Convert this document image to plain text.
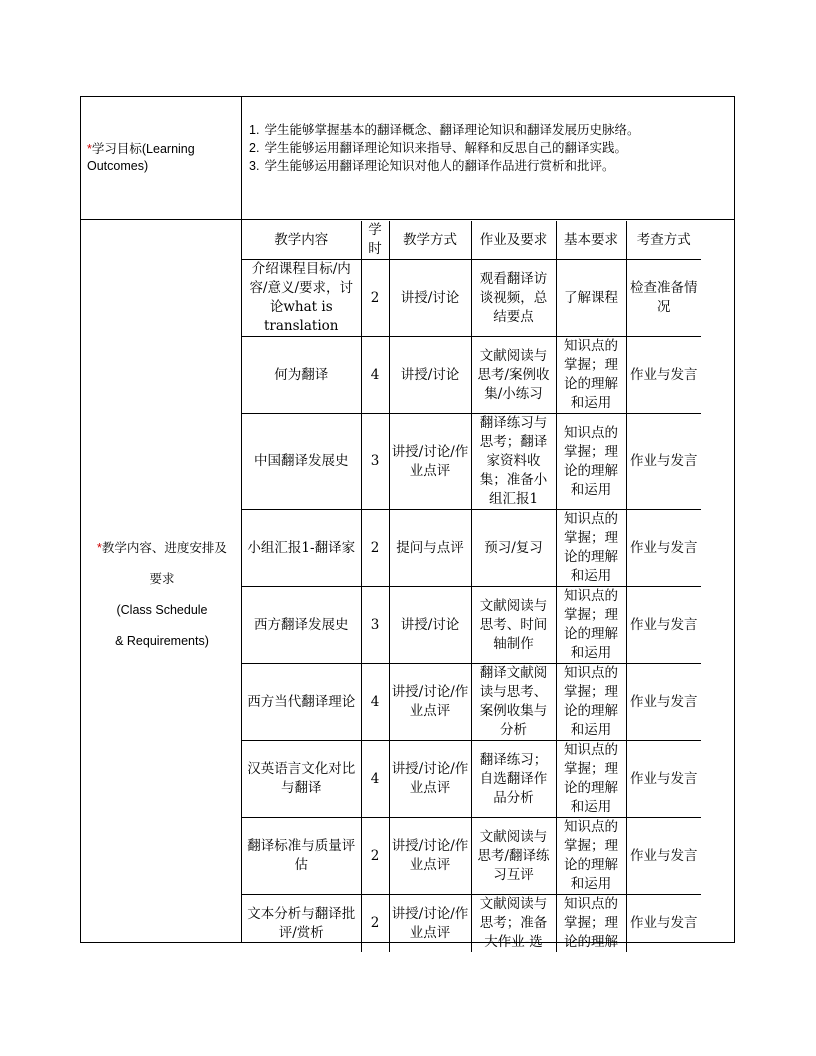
*学习目标(Learning Outcomes)
1. 学生能够掌握基本的翻译概念、翻译理论知识和翻译发展历史脉络。
2. 学生能够运用翻译理论知识来指导、解释和反思自己的翻译实践。
3. 学生能够运用翻译理论知识对他人的翻译作品进行赏析和批评。
*教学内容、进度安排及
要求
(Class Schedule
& Requirements)
教学内容	学时	教学方式	作业及要求	基本要求	考查方式
介绍课程目标/内容/意义/要求，讨论what is translation	2	讲授/讨论	观看翻译访谈视频，总结要点	了解课程	检查准备情况
何为翻译	4	讲授/讨论	文献阅读与思考/案例收集/小练习	知识点的掌握；理论的理解和运用	作业与发言
中国翻译发展史	3	讲授/讨论/作业点评	翻译练习与思考；翻译家资料收集；准备小组汇报1	知识点的掌握；理论的理解和运用	作业与发言
小组汇报1-翻译家	2	提问与点评	预习/复习	知识点的掌握；理论的理解和运用	作业与发言
西方翻译发展史	3	讲授/讨论	文献阅读与思考、时间轴制作	知识点的掌握；理论的理解和运用	作业与发言
西方当代翻译理论	4	讲授/讨论/作业点评	翻译文献阅读与思考、案例收集与分析	知识点的掌握；理论的理解和运用	作业与发言
汉英语言文化对比与翻译	4	讲授/讨论/作业点评	翻译练习；自选翻译作品分析	知识点的掌握；理论的理解和运用	作业与发言
翻译标准与质量评估	2	讲授/讨论/作业点评	文献阅读与思考/翻译练习互评	知识点的掌握；理论的理解和运用	作业与发言
文本分析与翻译批评/赏析	2	讲授/讨论/作业点评	文献阅读与思考；准备大作业-选	知识点的掌握；理论的理解	作业与发言
